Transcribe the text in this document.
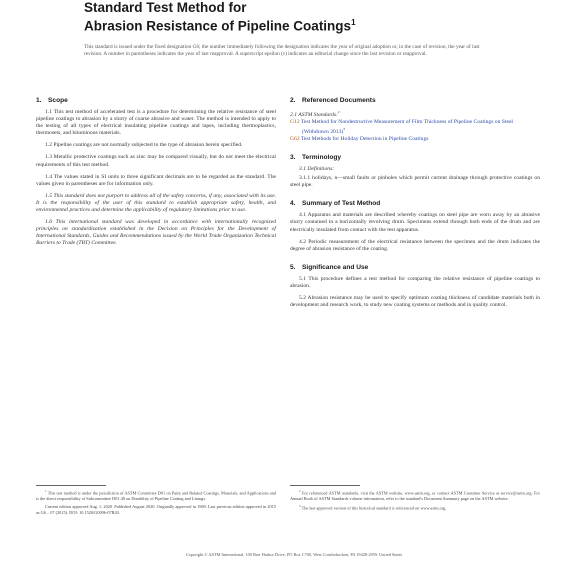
Standard Test Method for
Abrasion Resistance of Pipeline Coatings$^1$
This standard is issued under the fixed designation G6; the number immediately following the designation indicates the year of original adoption or, in the case of revision, the year of last revision. A number in parentheses indicates the year of last reapproval. A superscript epsilon (ε) indicates an editorial change since the last revision or reapproval.
1. Scope

1.1 This test method of accelerated test is a procedure for determining the relative resistance of steel pipeline coatings to abrasion by a slurry of coarse abrasive and water. The method is intended to apply to the testing of all types of electrical insulating pipeline coatings and tapes, including thermoplastics, thermosets, and bituminous materials.

1.2 Pipeline coatings are not normally subjected to the type of abrasion herein specified.

1.3 Metallic protective coatings such as zinc may be compared visually, but do not meet the electrical requirements of this test method.

1.4 The values stated in SI units to three significant decimals are to be regarded as the standard. The values given in parentheses are for information only.

1.5 This standard does not purport to address all of the safety concerns, if any, associated with its use. It is the responsibility of the user of this standard to establish appropriate safety, health, and environmental practices and determine the applicability of regulatory limitations prior to use.

1.6 This international standard was developed in accordance with internationally recognized principles on standardization established in the Decision on Principles for the Development of International Standards, Guides and Recommendations issued by the World Trade Organization Technical Barriers to Trade (TBT) Committee.

2. Referenced Documents
2.1 ASTM Standards:$^2$
G12 Test Method for Nondestructive Measurement of Film Thickness of Pipeline Coatings on Steel (Withdrawn 2013)$^3$
G62 Test Methods for Holiday Detection in Pipeline Coatings
3. Terminology

3.1 Definitions:

3.1.1 holidays, n—small faults or pinholes which permit current drainage through protective coatings on steel pipe.

4. Summary of Test Method

4.1 Apparatus and materials are described whereby coatings on steel pipe are worn away by an abrasive slurry contained in a horizontally revolving drum. Specimens extend through both ends of the drum and are electrically insulated from contact with the test apparatus.

4.2 Periodic measurement of the electrical resistance between the specimen and the drum indicates the degree of abrasion resistance of the coating.

5. Significance and Use

5.1 This procedure defines a test method for comparing the relative resistance of pipeline coatings to abrasion.

5.2 Abrasion resistance may be used to specify optimum coating thickness of candidate materials both in development and research work, to study new coating systems or methods and in quality control.

$^1$ This test method is under the jurisdiction of ASTM Committee D01 on Paint and Related Coatings, Materials, and Applications and is the direct responsibility of Subcommittee D01.48 on Durability of Pipeline Coating and Linings.

Current edition approved Aug. 1, 2020. Published August 2020. Originally approved in 1969. Last previous edition approved in 2015 as G6 – 07 (2015). DOI: 10.1520/G0006-07R20.

$^2$ For referenced ASTM standards, visit the ASTM website, www.astm.org, or contact ASTM Customer Service at service@astm.org. For Annual Book of ASTM Standards volume information, refer to the standard's Document Summary page on the ASTM website.

$^3$ The last approved version of this historical standard is referenced on www.astm.org.

Copyright © ASTM International, 100 Barr Harbor Drive, PO Box C700, West Conshohocken, PA 19428-2959. United States
